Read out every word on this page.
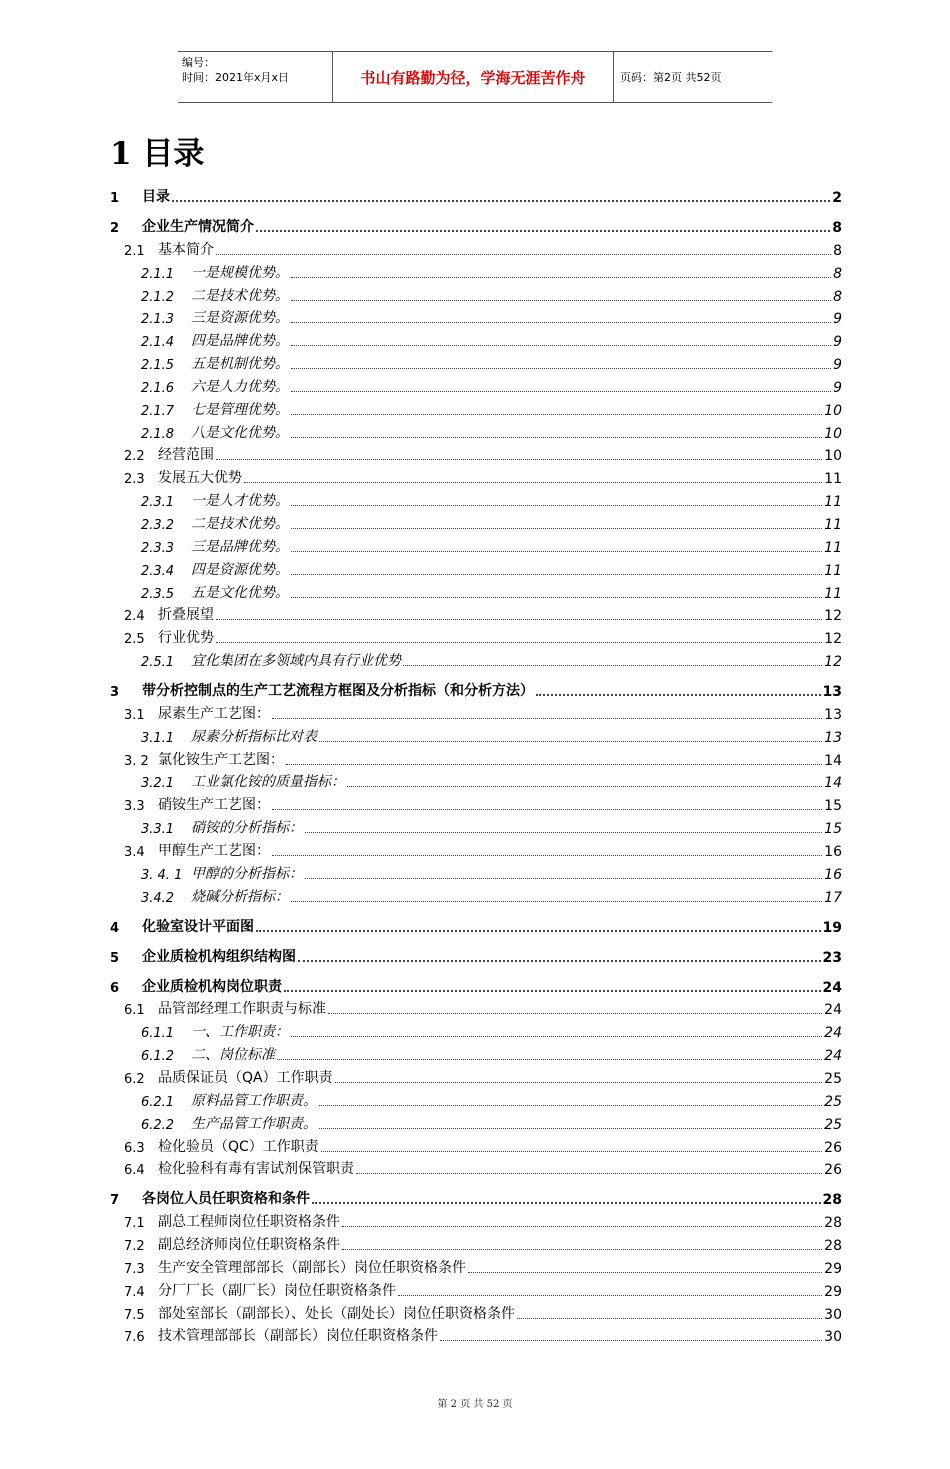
编号：
时间：2021年x月x日	书山有路勤为径，学海无涯苦作舟	页码：第2页 共52页
1 目录
1	目录	2
2	企业生产情况简介	8
2.1 基本简介	8
2.1.1	一是规模优势。	8
2.1.2	二是技术优势。	8
2.1.3	三是资源优势。	9
2.1.4	四是品牌优势。	9
2.1.5	五是机制优势。	9
2.1.6	六是人力优势。	9
2.1.7	七是管理优势。	10
2.1.8	八是文化优势。	10
2.2 经营范围	10
2.3 发展五大优势	11
2.3.1	一是人才优势。	11
2.3.2	二是技术优势。	11
2.3.3	三是品牌优势。	11
2.3.4	四是资源优势。	11
2.3.5	五是文化优势。	11
2.4 折叠展望	12
2.5 行业优势	12
2.5.1	宜化集团在多领域内具有行业优势	12
3	带分析控制点的生产工艺流程方框图及分析指标（和分析方法）	13
3.1 尿素生产工艺图：	13
3.1.1	尿素分析指标比对表	13
3. 2 氯化铵生产工艺图：	14
3.2.1	工业氯化铵的质量指标：	14
3.3 硝铵生产工艺图：	15
3.3.1	硝铵的分析指标：	15
3.4 甲醇生产工艺图：	16
3. 4. 1 甲醇的分析指标：	16
3.4.2	烧碱分析指标：	17
4	化验室设计平面图	19
5	企业质检机构组织结构图	23
6	企业质检机构岗位职责	24
6.1 品管部经理工作职责与标准	24
6.1.1	一、工作职责：	24
6.1.2	二、岗位标准	24
6.2 品质保证员（QA）工作职责	25
6.2.1	原料品管工作职责。	25
6.2.2	生产品管工作职责。	25
6.3 检化验员（QC）工作职责	26
6.4 检化验科有毒有害试剂保管职责	26
7	各岗位人员任职资格和条件	28
7.1 副总工程师岗位任职资格条件	28
7.2 副总经济师岗位任职资格条件	28
7.3 生产安全管理部部长（副部长）岗位任职资格条件	29
7.4 分厂厂长（副厂长）岗位任职资格条件	29
7.5 部处室部长（副部长）、处长（副处长）岗位任职资格条件	30
7.6 技术管理部部长（副部长）岗位任职资格条件	30
第 2 页 共 52 页
